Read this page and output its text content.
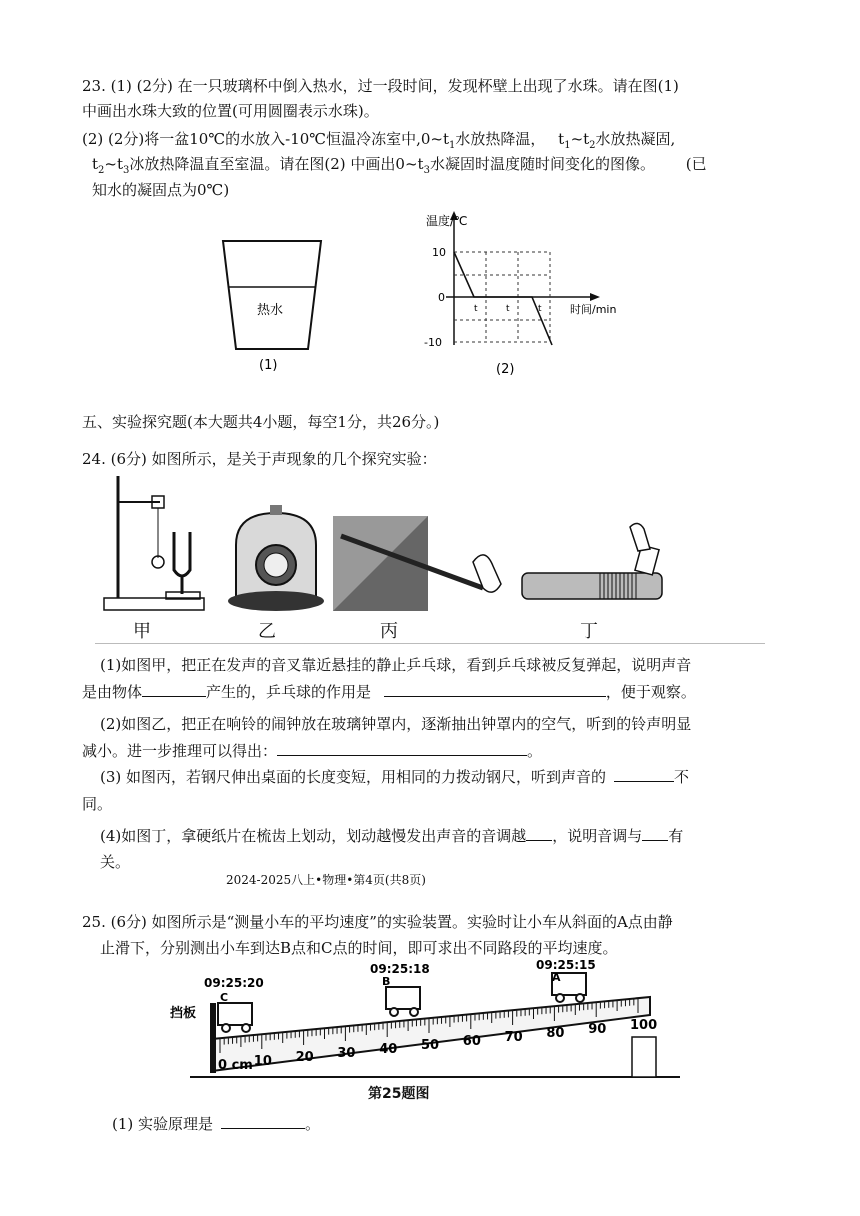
23. (1) (2分) 在一只玻璃杯中倒入热水，过一段时间，发现杯壁上出现了水珠。请在图(1)
中画出水珠大致的位置(可用圆圈表示水珠)。
(2) (2分)将一盆10℃的水放入-10℃恒温冷冻室中$,0\sim t_1$水放热降温， $t_1\sim t_2$水放热凝固,
$t_2\sim t_3$冰放热降温直至室温。请在图(2) 中画出$0\sim t_3$水凝固时温度随时间变化的图像。 (已
知水的凝固点为0℃)
热水
(1)
温度/℃
时间/min
10
0
-10
t	t	t
(2)
五、实验探究题(本大题共4小题，每空1分，共26分。)
24. (6分) 如图所示，是关于声现象的几个探究实验：
甲	乙	丙	丁
(1)如图甲，把正在发声的音叉靠近悬挂的静止乒乓球，看到乒乓球被反复弹起，说明声音
是由物体	产生的，乒乓球的作用是	，便于观察。
(2)如图乙，把正在响铃的闹钟放在玻璃钟罩内，逐渐抽出钟罩内的空气，听到的铃声明显
减小。进一步推理可以得出：	。
(3) 如图丙，若钢尺伸出桌面的长度变短，用相同的力拨动钢尺，听到声音的	不
同。
(4)如图丁，拿硬纸片在梳齿上划动，划动越慢发出声音的音调越 ，说明音调与 有
关。
2024-2025八上•物理•第4页(共8页)
25. (6分) 如图所示是“测量小车的平均速度”的实验装置。实验时让小车从斜面的A点由静
止滑下，分别测出小车到达B点和C点的时间，即可求出不同路段的平均速度。
0 cm 10 20 30 40 50 60 70 80 90 100
09:25:20
C
09:25:18
B
09:25:15
A
挡板
第25题图
(1) 实验原理是	。
